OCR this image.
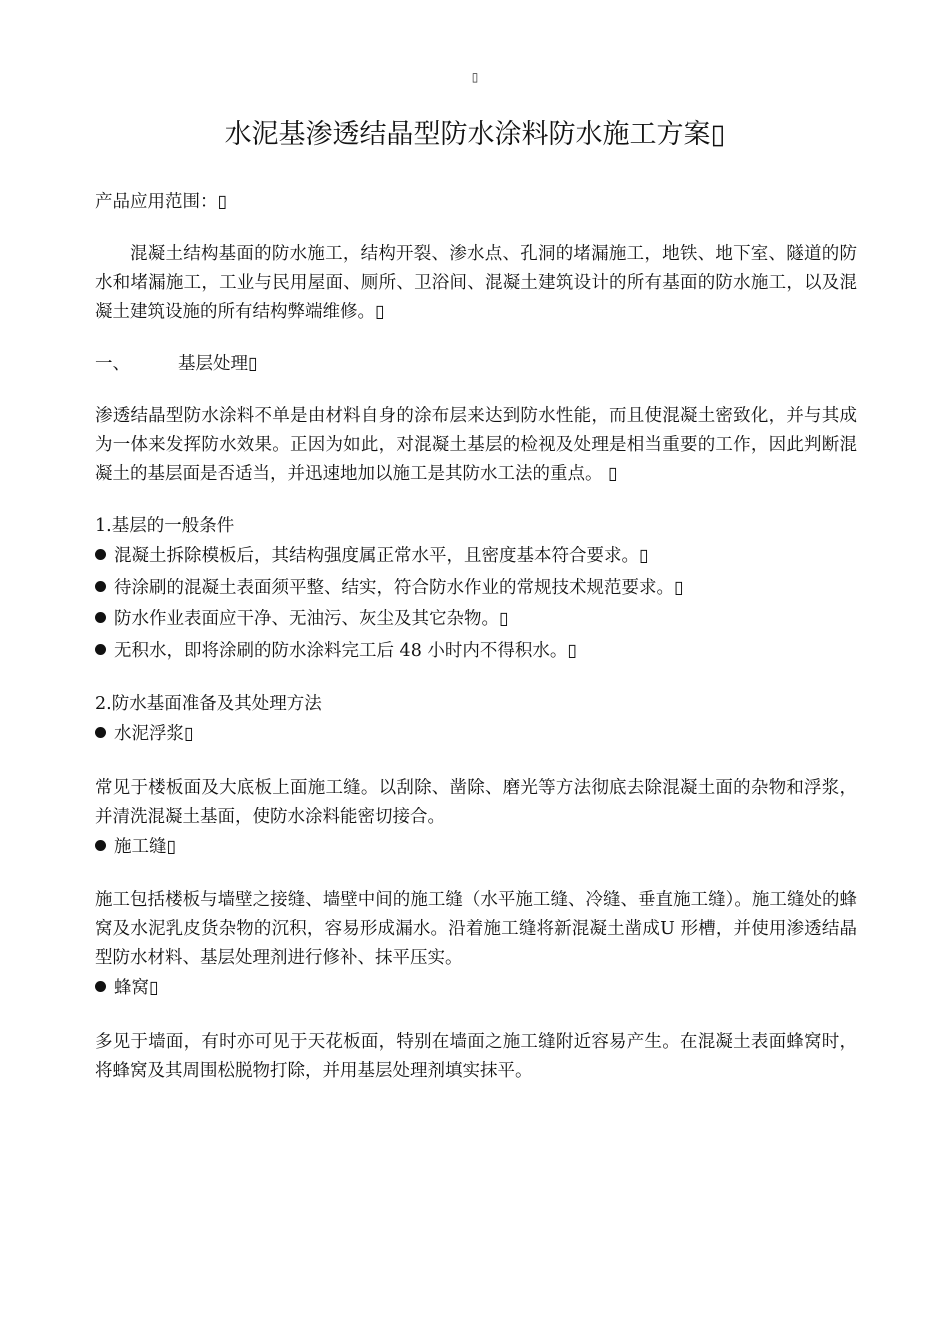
▯
水泥基渗透结晶型防水涂料防水施工方案▯

产品应用范围：▯

混凝土结构基面的防水施工，结构开裂、渗水点、孔洞的堵漏施工，地铁、地下室、隧道的防水和堵漏施工，工业与民用屋面、厕所、卫浴间、混凝土建筑设计的所有基面的防水施工，以及混凝土建筑设施的所有结构弊端维修。▯

一、	基层处理▯

渗透结晶型防水涂料不单是由材料自身的涂布层来达到防水性能，而且使混凝土密致化，并与其成为一体来发挥防水效果。正因为如此，对混凝土基层的检视及处理是相当重要的工作，因此判断混凝土的基层面是否适当，并迅速地加以施工是其防水工法的重点。 ▯

1.基层的一般条件

混凝土拆除模板后，其结构强度属正常水平，且密度基本符合要求。▯
待涂刷的混凝土表面须平整、结实，符合防水作业的常规技术规范要求。▯
防水作业表面应干净、无油污、灰尘及其它杂物。▯
无积水，即将涂刷的防水涂料完工后 48 小时内不得积水。▯

2.防水基面准备及其处理方法

水泥浮浆▯

常见于楼板面及大底板上面施工缝。以刮除、凿除、磨光等方法彻底去除混凝土面的杂物和浮浆，并清洗混凝土基面，使防水涂料能密切接合。

施工缝▯

施工包括楼板与墙壁之接缝、墙壁中间的施工缝（水平施工缝、冷缝、垂直施工缝）。施工缝处的蜂窝及水泥乳皮货杂物的沉积，容易形成漏水。沿着施工缝将新混凝土凿成U 形槽，并使用渗透结晶型防水材料、基层处理剂进行修补、抹平压实。

蜂窝▯

多见于墙面，有时亦可见于天花板面，特别在墙面之施工缝附近容易产生。在混凝土表面蜂窝时，将蜂窝及其周围松脱物打除，并用基层处理剂填实抹平。
